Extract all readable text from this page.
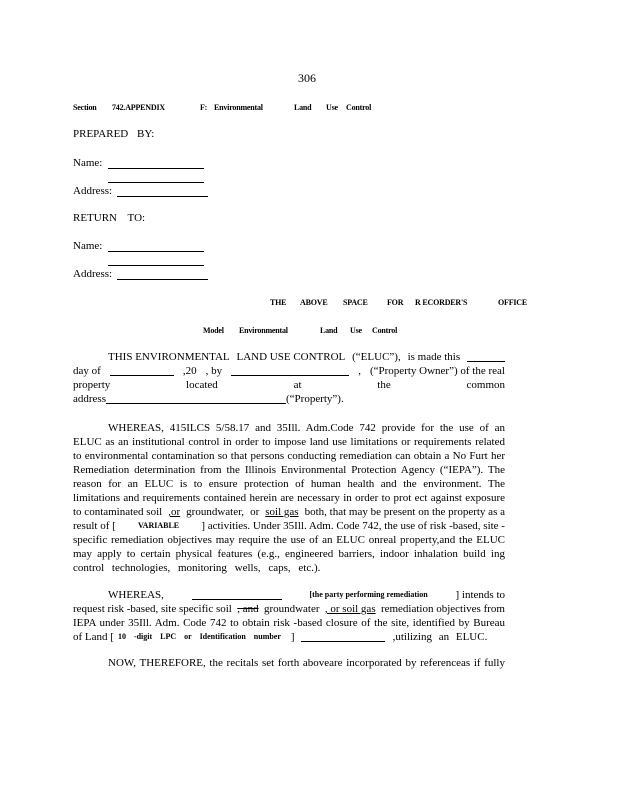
306
Section 742.APPENDIX	F: Environmental	Land Use Control
PREPARED BY:
Name:
Address:
RETURN TO:
Name:
Address:
THE ABOVE SPACE FOR R ECORDER'S	OFFICE
Model Environmental	Land Use Control
THIS ENVIRONMENTAL LAND USE CONTROL (“ELUC”), is made this
day of	,20 , by	, (“Property Owner”) of the real
property	located	at	the	common
address	(“Property”).
WHEREAS, 415ILCS 5/58.17 and 35Ill. Adm.Code 742 provide for the use of an
ELUC as an institutional control in order to impose land use limitations or requirements related
to environmental contamination so that persons conducting remediation can obtain a No Furt her
Remediation determination from the Illinois Environmental Protection Agency (“IEPA”). The
reason for an ELUC is to ensure protection of human health and the environment. The
limitations and requirements contained herein are necessary in order to prot ect against exposure
to contaminated soil ,or groundwater, or soil gas both, that may be present on the property as a
result of [	VARIABLE ] activities. Under 35Ill. Adm. Code 742, the use of risk -based, site -
specific remediation objectives may require the use of an ELUC onreal property,and the ELUC
may apply to certain physical features (e.g., engineered barriers, indoor inhalation build ing
control technologies, monitoring wells, caps, etc.).
WHEREAS,	[the party performing remediation	] intends to
request risk -based, site specific soil , and groundwater , or soil gas remediation objectives from
IEPA under 35Ill. Adm. Code 742 to obtain risk -based closure of the site, identified by Bureau
of Land [ 10 -digit LPC or Identification number ]	,utilizing an ELUC.
NOW, THEREFORE, the recitals set forth aboveare incorporated by referenceas if fully
